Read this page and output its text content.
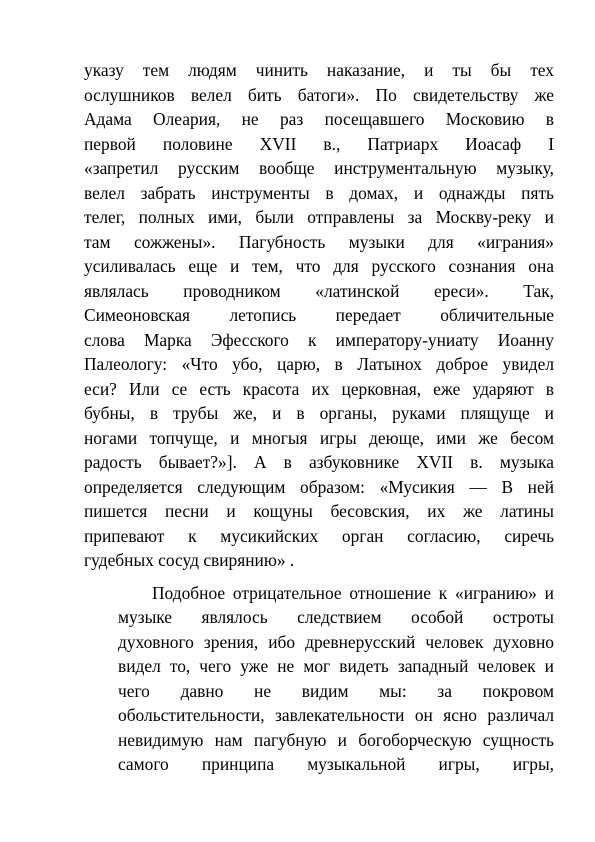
указу тем людям чинить наказание, и ты бы тех
ослушников велел бить батоги». По свидетельству же
Адама Олеария, не раз посещавшего Московию в
первой половине XVII в., Патриарх Иоасаф I
«запретил русским вообще инструментальную музыку,
велел забрать инструменты в домах, и однажды пять
телег, полных ими, были отправлены за Москву-реку и
там сожжены». Пагубность музыки для «играния»
усиливалась еще и тем, что для русского сознания она
являлась проводником «латинской ереси». Так,
Симеоновская летопись передает обличительные
слова Марка Эфесского к императору-униату Иоанну
Палеологу: «Что убо, царю, в Латынох доброе увидел
еси? Или се есть красота их церковная, еже ударяют в
бубны, в трубы же, и в органы, руками плящуще и
ногами топчуще, и многыя игры деюще, ими же бесом
радость бывает?»]. А в азбуковнике XVII в. музыка
определяется следующим образом: «Мусикия — В ней
пишется песни и кощуны бесовския, их же латины
припевают к мусикийских орган согласию, сиречь
гудебных сосуд свирянию» .

Подобное отрицательное отношение к «игранию» и
музыке являлось следствием особой остроты
духовного зрения, ибо древнерусский человек духовно
видел то, чего уже не мог видеть западный человек и
чего давно не видим мы: за покровом
обольстительности, завлекательности он ясно различал
невидимую нам пагубную и богоборческую сущность
самого принципа музыкальной игры, игры,
